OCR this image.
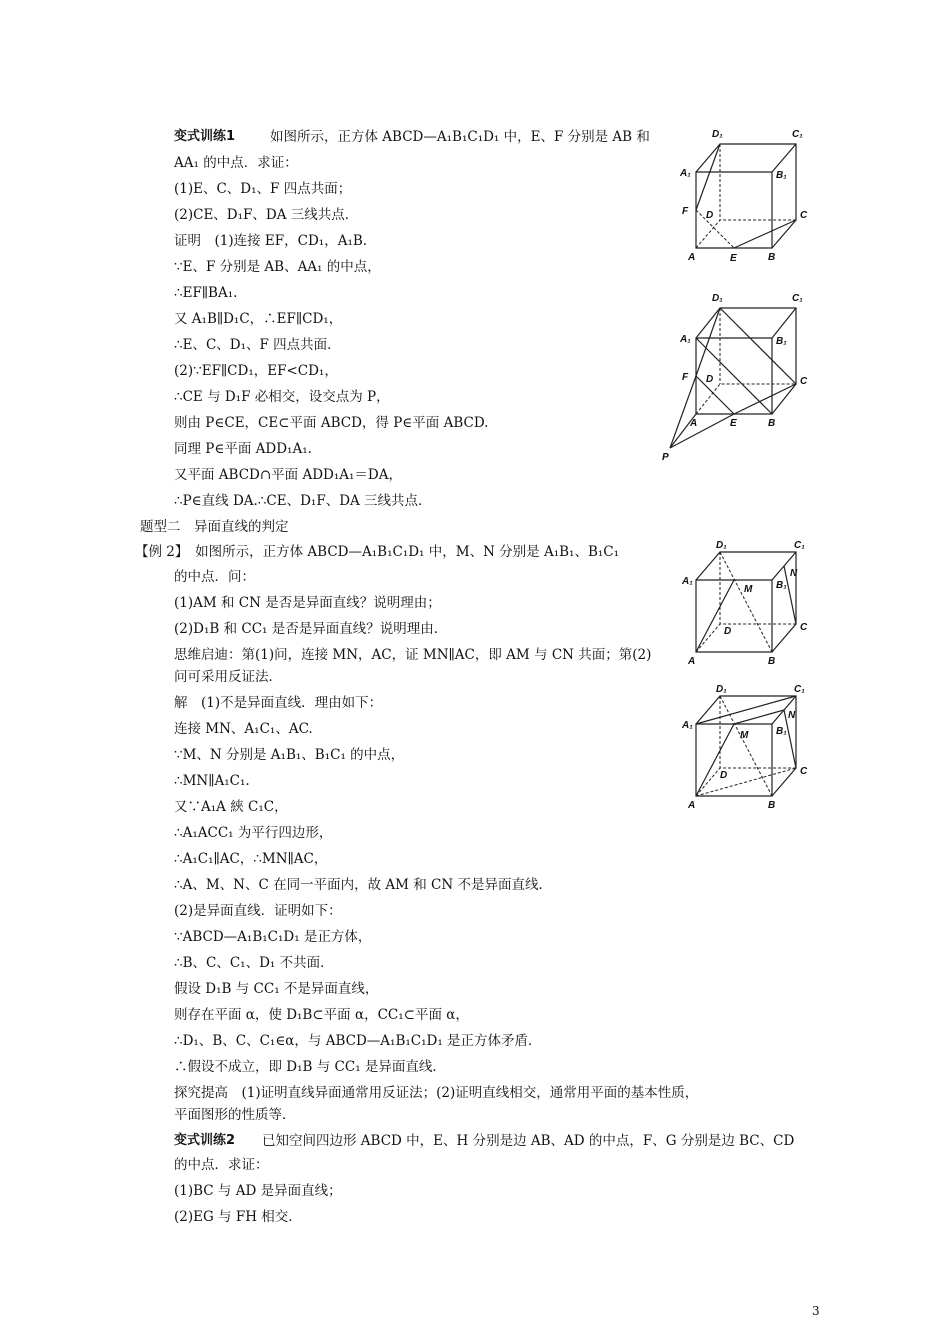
变式训练1	如图所示，正方体 ABCD—A₁B₁C₁D₁ 中，E、F 分别是 AB 和
AA₁ 的中点．求证：
(1)E、C、D₁、F 四点共面；
(2)CE、D₁F、DA 三线共点．
证明　(1)连接 EF，CD₁，A₁B.
∵E、F 分别是 AB、AA₁ 的中点，
∴EF∥BA₁.
又 A₁B∥D₁C，∴EF∥CD₁，
∴E、C、D₁、F 四点共面．
(2)∵EF∥CD₁，EF<CD₁，
∴CE 与 D₁F 必相交，设交点为 P，
则由 P∈CE，CE⊂平面 ABCD，得 P∈平面 ABCD.
同理 P∈平面 ADD₁A₁.
又平面 ABCD∩平面 ADD₁A₁＝DA，
∴P∈直线 DA.∴CE、D₁F、DA 三线共点．
题型二　异面直线的判定
【例 2】　如图所示，正方体 ABCD—A₁B₁C₁D₁ 中，M、N 分别是 A₁B₁、B₁C₁
的中点．问：
(1)AM 和 CN 是否是异面直线？说明理由；
(2)D₁B 和 CC₁ 是否是异面直线？说明理由．
思维启迪：第(1)问，连接 MN，AC，证 MN∥AC，即 AM 与 CN 共面；第(2)
问可采用反证法．
解　(1)不是异面直线．理由如下：
连接 MN、A₁C₁、AC.
∵M、N 分别是 A₁B₁、B₁C₁ 的中点，
∴MN∥A₁C₁.
又∵A₁A 綊 C₁C，
∴A₁ACC₁ 为平行四边形，
∴A₁C₁∥AC，∴MN∥AC，
∴A、M、N、C 在同一平面内，故 AM 和 CN 不是异面直线．
(2)是异面直线．证明如下：
∵ABCD—A₁B₁C₁D₁ 是正方体，
∴B、C、C₁、D₁ 不共面．
假设 D₁B 与 CC₁ 不是异面直线，
则存在平面 α，使 D₁B⊂平面 α，CC₁⊂平面 α，
∴D₁、B、C、C₁∈α，与 ABCD—A₁B₁C₁D₁ 是正方体矛盾．
∴假设不成立，即 D₁B 与 CC₁ 是异面直线．
探究提高　(1)证明直线异面通常用反证法；(2)证明直线相交，通常用平面的基本性质，
平面图形的性质等．
变式训练2 已知空间四边形 ABCD 中，E、H 分别是边 AB、AD 的中点，F、G 分别是边 BC、CD
的中点．求证：
(1)BC 与 AD 是异面直线；
(2)EG 与 FH 相交．
D₁	C₁
A₁	B₁
F D	C
A	E	B
D₁	C₁
A₁	B₁
F D	C
A	E	B
P
D₁	C₁
A₁	B₁
N
M
D	C
A	B
D₁	C₁
A₁
B₁
N
M
D	C
A	B
3
